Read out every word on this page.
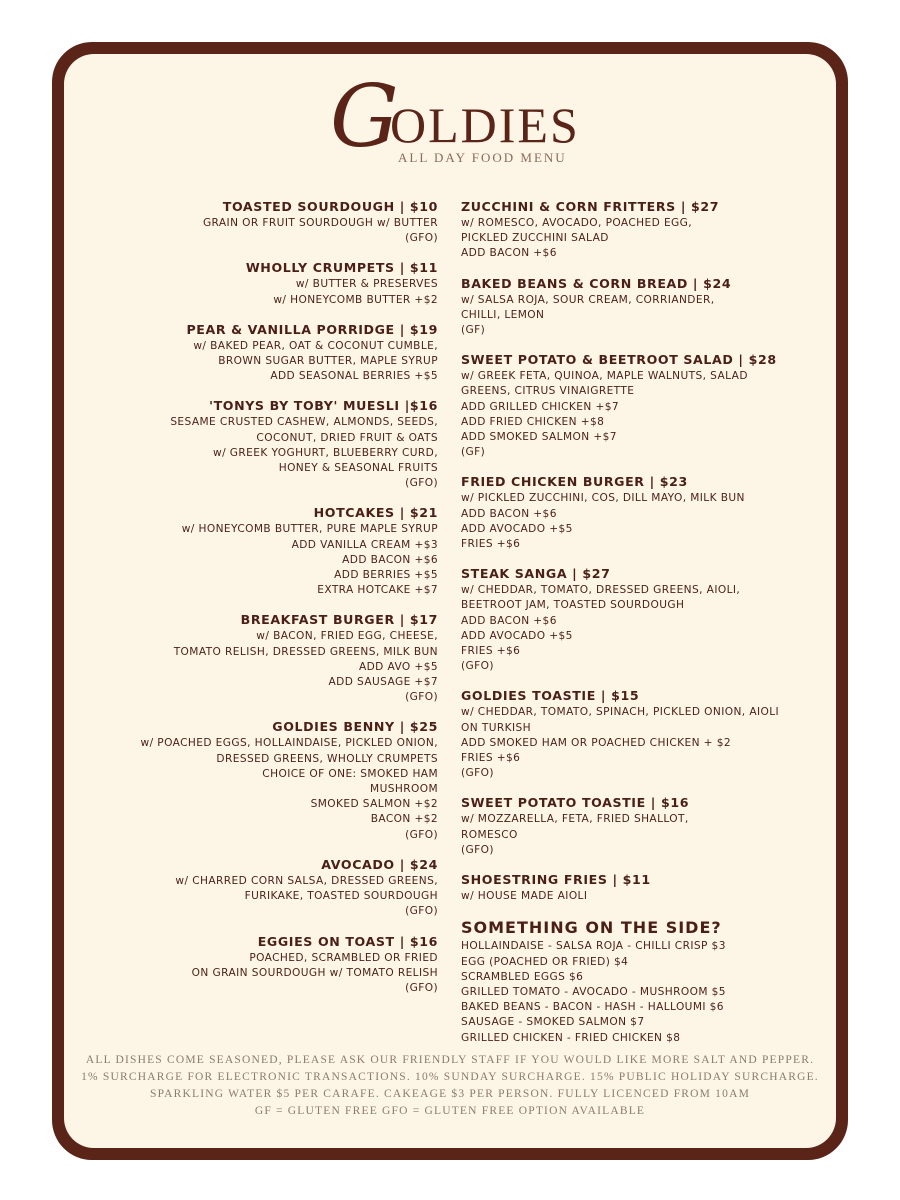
G
OLDIES
ALL DAY FOOD MENU
TOASTED SOURDOUGH | $10
GRAIN OR FRUIT SOURDOUGH w/ BUTTER
(GFO)
WHOLLY CRUMPETS | $11
w/ BUTTER & PRESERVES
w/ HONEYCOMB BUTTER +$2
PEAR & VANILLA PORRIDGE | $19
w/ BAKED PEAR, OAT & COCONUT CUMBLE,
BROWN SUGAR BUTTER, MAPLE SYRUP
ADD SEASONAL BERRIES +$5
'TONYS BY TOBY' MUESLI |$16
SESAME CRUSTED CASHEW, ALMONDS, SEEDS,
COCONUT, DRIED FRUIT & OATS
w/ GREEK YOGHURT, BLUEBERRY CURD,
HONEY & SEASONAL FRUITS
(GFO)
HOTCAKES | $21
w/ HONEYCOMB BUTTER, PURE MAPLE SYRUP
ADD VANILLA CREAM +$3
ADD BACON +$6
ADD BERRIES +$5
EXTRA HOTCAKE +$7
BREAKFAST BURGER | $17
w/ BACON, FRIED EGG, CHEESE,
TOMATO RELISH, DRESSED GREENS, MILK BUN
ADD AVO +$5
ADD SAUSAGE +$7
(GFO)
GOLDIES BENNY | $25
w/ POACHED EGGS, HOLLAINDAISE, PICKLED ONION,
DRESSED GREENS, WHOLLY CRUMPETS
CHOICE OF ONE: SMOKED HAM
MUSHROOM
SMOKED SALMON +$2
BACON +$2
(GFO)
AVOCADO | $24
w/ CHARRED CORN SALSA, DRESSED GREENS,
FURIKAKE, TOASTED SOURDOUGH
(GFO)
EGGIES ON TOAST | $16
POACHED, SCRAMBLED OR FRIED
ON GRAIN SOURDOUGH w/ TOMATO RELISH
(GFO)
ZUCCHINI & CORN FRITTERS | $27
w/ ROMESCO, AVOCADO, POACHED EGG,
PICKLED ZUCCHINI SALAD
ADD BACON +$6
BAKED BEANS & CORN BREAD | $24
w/ SALSA ROJA, SOUR CREAM, CORRIANDER,
CHILLI, LEMON
(GF)
SWEET POTATO & BEETROOT SALAD | $28
w/ GREEK FETA, QUINOA, MAPLE WALNUTS, SALAD
GREENS, CITRUS VINAIGRETTE
ADD GRILLED CHICKEN +$7
ADD FRIED CHICKEN +$8
ADD SMOKED SALMON +$7
(GF)
FRIED CHICKEN BURGER | $23
w/ PICKLED ZUCCHINI, COS, DILL MAYO, MILK BUN
ADD BACON +$6
ADD AVOCADO +$5
FRIES +$6
STEAK SANGA | $27
w/ CHEDDAR, TOMATO, DRESSED GREENS, AIOLI,
BEETROOT JAM, TOASTED SOURDOUGH
ADD BACON +$6
ADD AVOCADO +$5
FRIES +$6
(GFO)
GOLDIES TOASTIE | $15
w/ CHEDDAR, TOMATO, SPINACH, PICKLED ONION, AIOLI
ON TURKISH
ADD SMOKED HAM OR POACHED CHICKEN + $2
FRIES +$6
(GFO)
SWEET POTATO TOASTIE | $16
w/ MOZZARELLA, FETA, FRIED SHALLOT,
ROMESCO
(GFO)
SHOESTRING FRIES | $11
w/ HOUSE MADE AIOLI
SOMETHING ON THE SIDE?
HOLLAINDAISE - SALSA ROJA - CHILLI CRISP $3
EGG (POACHED OR FRIED) $4
SCRAMBLED EGGS $6
GRILLED TOMATO - AVOCADO - MUSHROOM $5
BAKED BEANS - BACON - HASH - HALLOUMI $6
SAUSAGE - SMOKED SALMON $7
GRILLED CHICKEN - FRIED CHICKEN $8
ALL DISHES COME SEASONED, PLEASE ASK OUR FRIENDLY STAFF IF YOU WOULD LIKE MORE SALT AND PEPPER.
1% SURCHARGE FOR ELECTRONIC TRANSACTIONS. 10% SUNDAY SURCHARGE. 15% PUBLIC HOLIDAY SURCHARGE.
SPARKLING WATER $5 PER CARAFE. CAKEAGE $3 PER PERSON. FULLY LICENCED FROM 10AM
GF = GLUTEN FREE GFO = GLUTEN FREE OPTION AVAILABLE
